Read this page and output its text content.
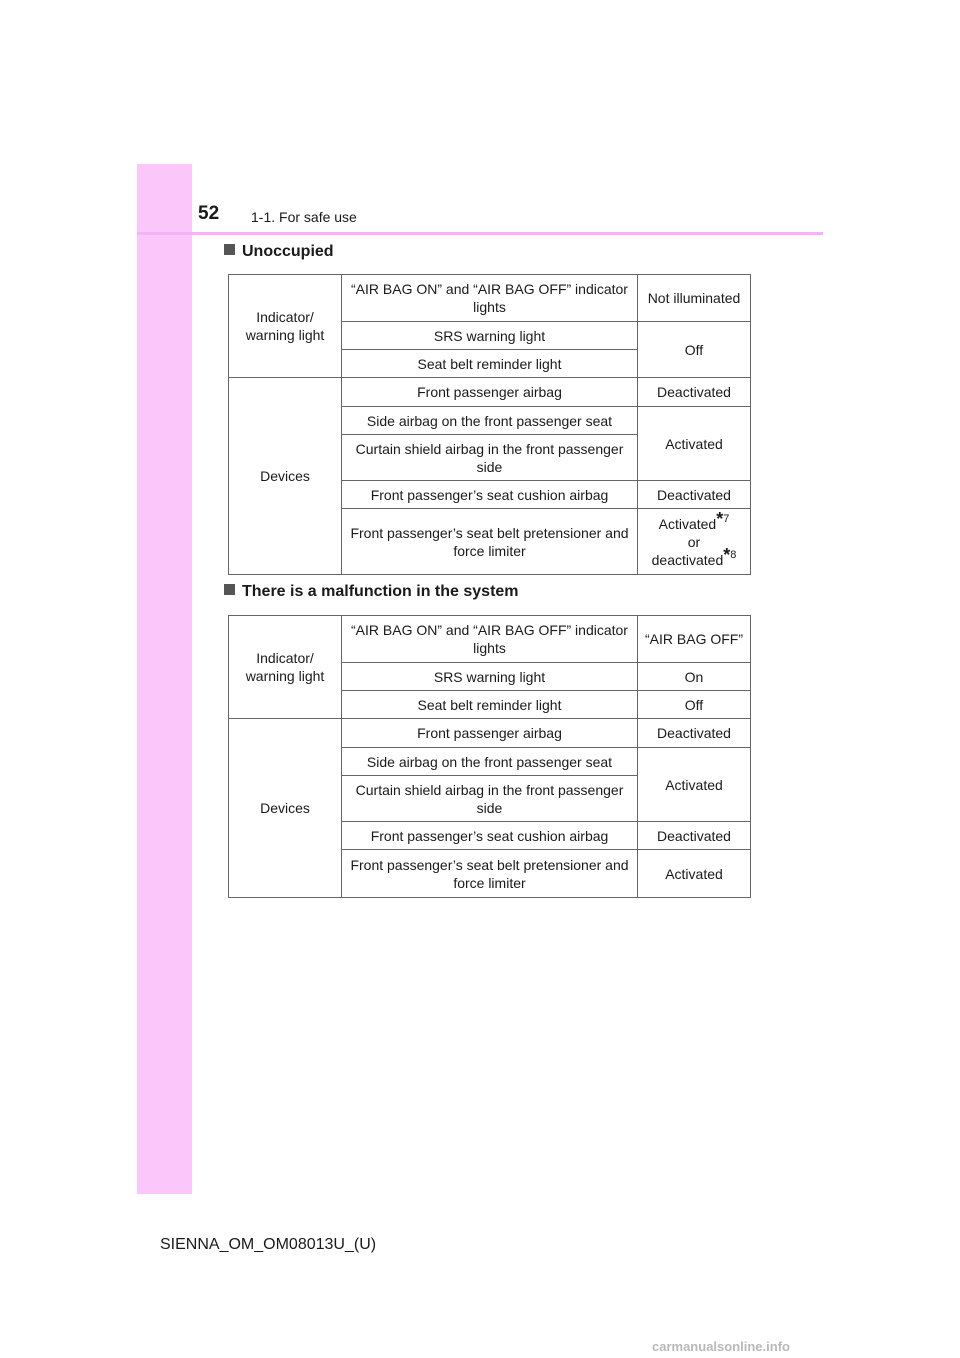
52 1-1. For safe use
Unoccupied
Indicator/ warning light	“AIR BAG ON” and “AIR BAG OFF” indicator lights	Not illuminated
	SRS warning light	Off
	Seat belt reminder light	
Devices	Front passenger airbag	Deactivated
	Side airbag on the front passenger seat	Activated
	Curtain shield airbag in the front passenger side	
	Front passenger’s seat cushion airbag	Deactivated
	Front passenger’s seat belt pretensioner and force limiter	Activated*$^7$
or
deactivated*$^8$
There is a malfunction in the system
Indicator/ warning light	“AIR BAG ON” and “AIR BAG OFF” indicator lights	“AIR BAG OFF”
	SRS warning light	On
	Seat belt reminder light	Off
Devices	Front passenger airbag	Deactivated
	Side airbag on the front passenger seat	Activated
	Curtain shield airbag in the front passenger side	
	Front passenger’s seat cushion airbag	Deactivated
	Front passenger’s seat belt pretensioner and force limiter	Activated
SIENNA_OM_OM08013U_(U)
carmanualsonline.info
